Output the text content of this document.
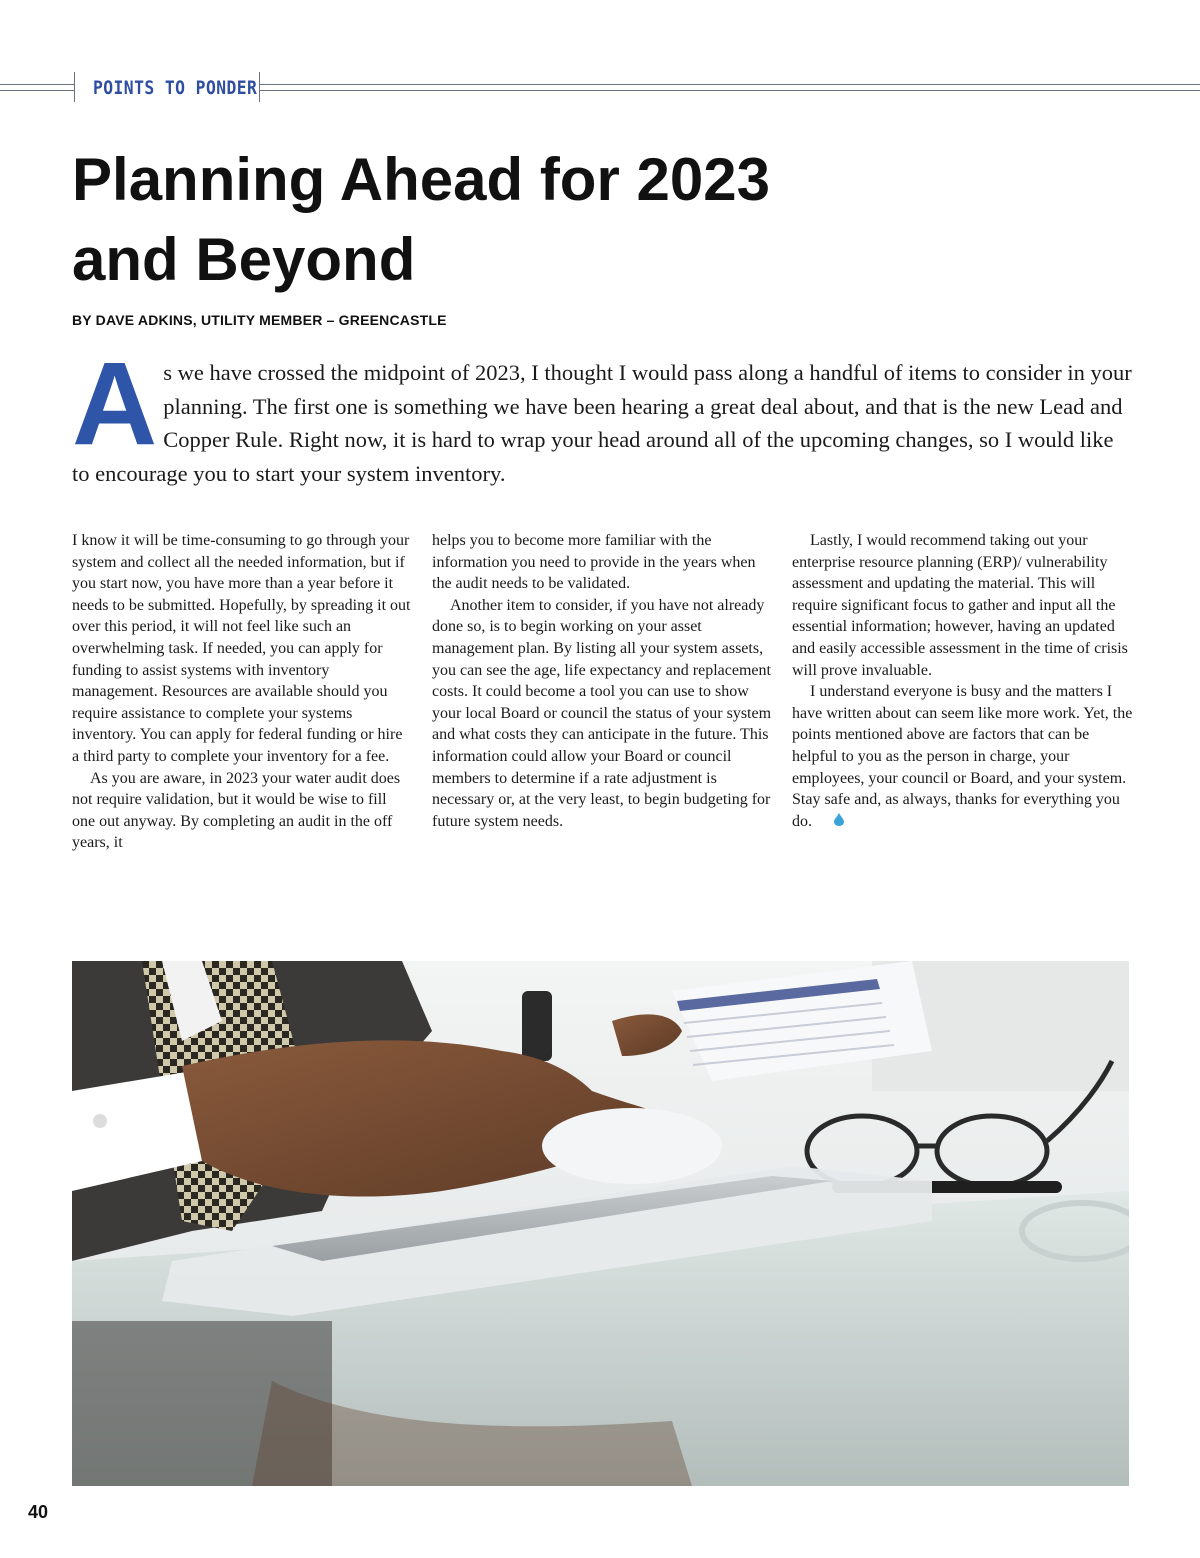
POINTS TO PONDER
Planning Ahead for 2023
and Beyond
BY DAVE ADKINS, UTILITY MEMBER – GREENCASTLE
As we have crossed the midpoint of 2023, I thought I would pass along a handful of items to consider in your planning. The first one is something we have been hearing a great deal about, and that is the new Lead and Copper Rule. Right now, it is hard to wrap your head around all of the upcoming changes, so I would like to encourage you to start your system inventory.

I know it will be time-consuming to go through your system and collect all the needed information, but if you start now, you have more than a year before it needs to be submitted. Hopefully, by spreading it out over this period, it will not feel like such an overwhelming task. If needed, you can apply for funding to assist systems with inventory management. Resources are available should you require assistance to complete your systems inventory. You can apply for federal funding or hire a third party to complete your inventory for a fee.

As you are aware, in 2023 your water audit does not require validation, but it would be wise to fill one out anyway. By completing an audit in the off years, it

helps you to become more familiar with the information you need to provide in the years when the audit needs to be validated.

Another item to consider, if you have not already done so, is to begin working on your asset management plan. By listing all your system assets, you can see the age, life expectancy and replacement costs. It could become a tool you can use to show your local Board or council the status of your system and what costs they can anticipate in the future. This information could allow your Board or council members to determine if a rate adjustment is necessary or, at the very least, to begin budgeting for future system needs.

Lastly, I would recommend taking out your enterprise resource planning (ERP)/ vulnerability assessment and updating the material. This will require significant focus to gather and input all the essential information; however, having an updated and easily accessible assessment in the time of crisis will prove invaluable.

I understand everyone is busy and the matters I have written about can seem like more work. Yet, the points mentioned above are factors that can be helpful to you as the person in charge, your employees, your council or Board, and your system. Stay safe and, as always, thanks for everything you do.

40
